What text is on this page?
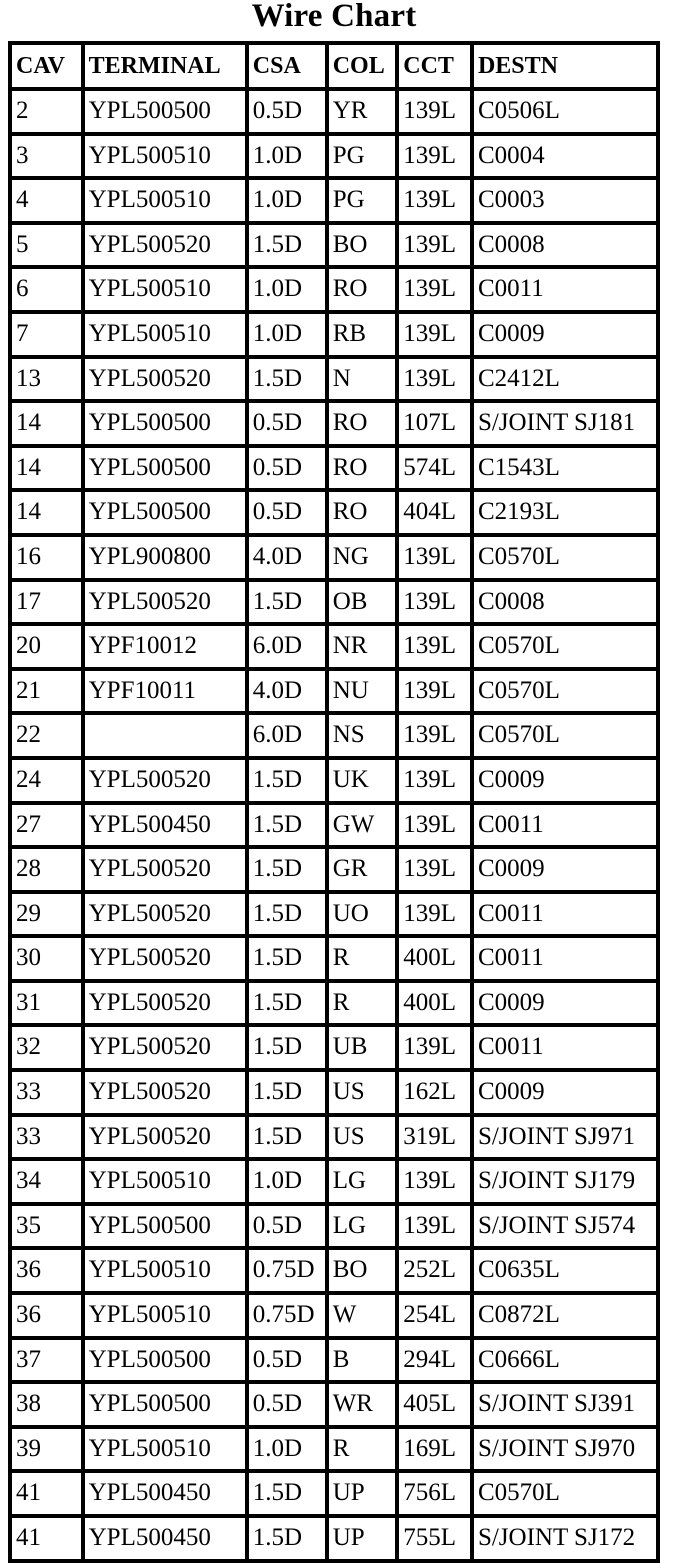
Wire Chart
CAV	TERMINAL	CSA	COL	CCT	DESTN
2	YPL500500	0.5D	YR	139L	C0506L
3	YPL500510	1.0D	PG	139L	C0004
4	YPL500510	1.0D	PG	139L	C0003
5	YPL500520	1.5D	BO	139L	C0008
6	YPL500510	1.0D	RO	139L	C0011
7	YPL500510	1.0D	RB	139L	C0009
13	YPL500520	1.5D	N	139L	C2412L
14	YPL500500	0.5D	RO	107L	S/JOINT SJ181
14	YPL500500	0.5D	RO	574L	C1543L
14	YPL500500	0.5D	RO	404L	C2193L
16	YPL900800	4.0D	NG	139L	C0570L
17	YPL500520	1.5D	OB	139L	C0008
20	YPF10012	6.0D	NR	139L	C0570L
21	YPF10011	4.0D	NU	139L	C0570L
22		6.0D	NS	139L	C0570L
24	YPL500520	1.5D	UK	139L	C0009
27	YPL500450	1.5D	GW	139L	C0011
28	YPL500520	1.5D	GR	139L	C0009
29	YPL500520	1.5D	UO	139L	C0011
30	YPL500520	1.5D	R	400L	C0011
31	YPL500520	1.5D	R	400L	C0009
32	YPL500520	1.5D	UB	139L	C0011
33	YPL500520	1.5D	US	162L	C0009
33	YPL500520	1.5D	US	319L	S/JOINT SJ971
34	YPL500510	1.0D	LG	139L	S/JOINT SJ179
35	YPL500500	0.5D	LG	139L	S/JOINT SJ574
36	YPL500510	0.75D	BO	252L	C0635L
36	YPL500510	0.75D	W	254L	C0872L
37	YPL500500	0.5D	B	294L	C0666L
38	YPL500500	0.5D	WR	405L	S/JOINT SJ391
39	YPL500510	1.0D	R	169L	S/JOINT SJ970
41	YPL500450	1.5D	UP	756L	C0570L
41	YPL500450	1.5D	UP	755L	S/JOINT SJ172
